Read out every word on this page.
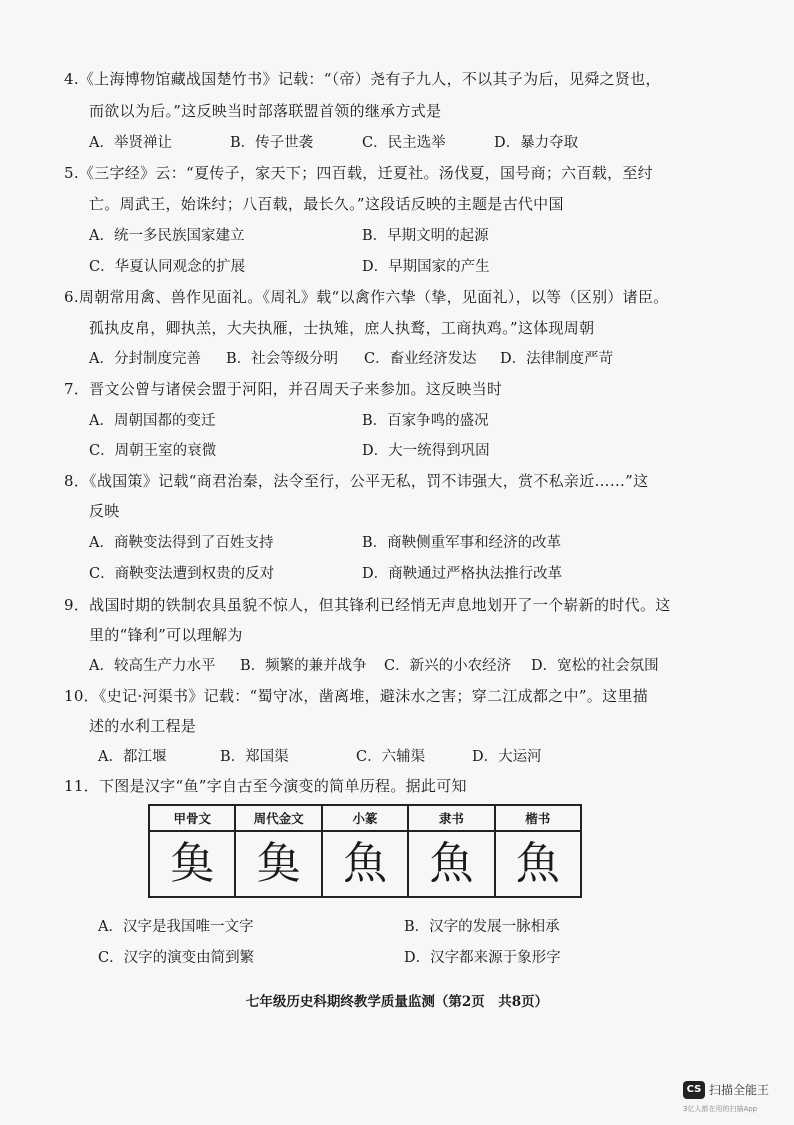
4.《上海博物馆藏战国楚竹书》记载：“（帝）尧有子九人，不以其子为后，见舜之贤也，
而欲以为后。”这反映当时部落联盟首领的继承方式是
A．举贤禅让	B．传子世袭	C．民主选举	D．暴力夺取
5.《三字经》云：“夏传子，家天下；四百载，迁夏社。汤伐夏，国号商；六百载，至纣
亡。周武王，始诛纣；八百载，最长久。”这段话反映的主题是古代中国
A．统一多民族国家建立	B．早期文明的起源
C．华夏认同观念的扩展	D．早期国家的产生
6.周朝常用禽、兽作见面礼。《周礼》载“以禽作六挚（挚，见面礼），以等（区别）诸臣。
孤执皮帛，卿执羔，大夫执雁，士执雉，庶人执鹜，工商执鸡。”这体现周朝
A．分封制度完善 B．社会等级分明 C．畜业经济发达 D．法律制度严苛
7．晋文公曾与诸侯会盟于河阳，并召周天子来参加。这反映当时
A．周朝国都的变迁	B．百家争鸣的盛况
C．周朝王室的衰微	D．大一统得到巩固
8．《战国策》记载“商君治秦，法令至行，公平无私，罚不讳强大，赏不私亲近……”这
反映
A．商鞅变法得到了百姓支持	B．商鞅侧重军事和经济的改革
C．商鞅变法遭到权贵的反对	D．商鞅通过严格执法推行改革
9．战国时期的铁制农具虽貌不惊人，但其锋利已经悄无声息地划开了一个崭新的时代。这
里的“锋利”可以理解为
A．较高生产力水平 B．频繁的兼并战争 C．新兴的小农经济 D．宽松的社会氛围
10．《史记·河渠书》记载：“蜀守冰，凿离堆，避沫水之害；穿二江成都之中”。这里描
述的水利工程是
A．都江堰	B．郑国渠	C．六辅渠	D．大运河
11．下图是汉字“鱼”字自古至今演变的简单历程。据此可知
甲骨文	周代金文	小篆	隶书	楷书
𩵋	𩵋	魚	魚	魚
A．汉字是我国唯一文字	B．汉字的发展一脉相承
C．汉字的演变由简到繁	D．汉字都来源于象形字
七年级历史科期终教学质量监测（第2页　共8页）
CS 扫描全能王
3亿人都在用的扫描App
